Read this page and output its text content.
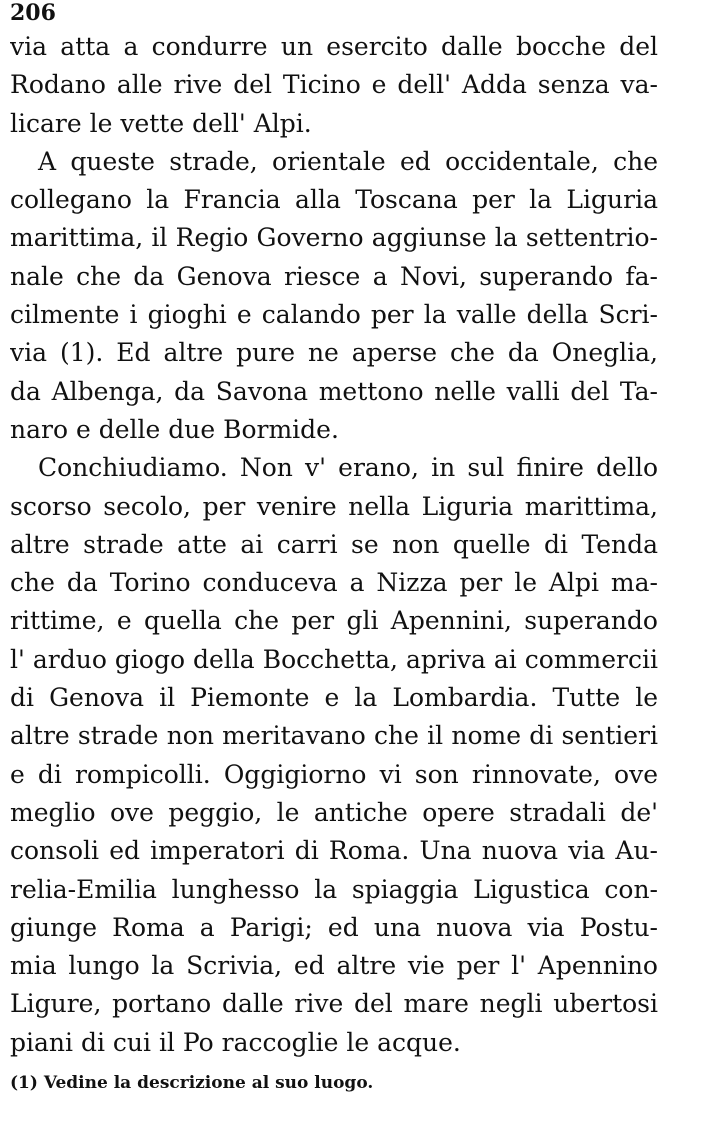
206
via atta a condurre un esercito dalle bocche del
Rodano alle rive del Ticino e dell' Adda senza va-
licare le vette dell' Alpi.
A queste strade, orientale ed occidentale, che
collegano la Francia alla Toscana per la Liguria
marittima, il Regio Governo aggiunse la settentrio-
nale che da Genova riesce a Novi, superando fa-
cilmente i gioghi e calando per la valle della Scri-
via (1). Ed altre pure ne aperse che da Oneglia,
da Albenga, da Savona mettono nelle valli del Ta-
naro e delle due Bormide.
Conchiudiamo. Non v' erano, in sul finire dello
scorso secolo, per venire nella Liguria marittima,
altre strade atte ai carri se non quelle di Tenda
che da Torino conduceva a Nizza per le Alpi ma-
rittime, e quella che per gli Apennini, superando
l' arduo giogo della Bocchetta, apriva ai commercii
di Genova il Piemonte e la Lombardia. Tutte le
altre strade non meritavano che il nome di sentieri
e di rompicolli. Oggigiorno vi son rinnovate, ove
meglio ove peggio, le antiche opere stradali de'
consoli ed imperatori di Roma. Una nuova via Au-
relia-Emilia lunghesso la spiaggia Ligustica con-
giunge Roma a Parigi; ed una nuova via Postu-
mia lungo la Scrivia, ed altre vie per l' Apennino
Ligure, portano dalle rive del mare negli ubertosi
piani di cui il Po raccoglie le acque.
(1) Vedine la descrizione al suo luogo.
